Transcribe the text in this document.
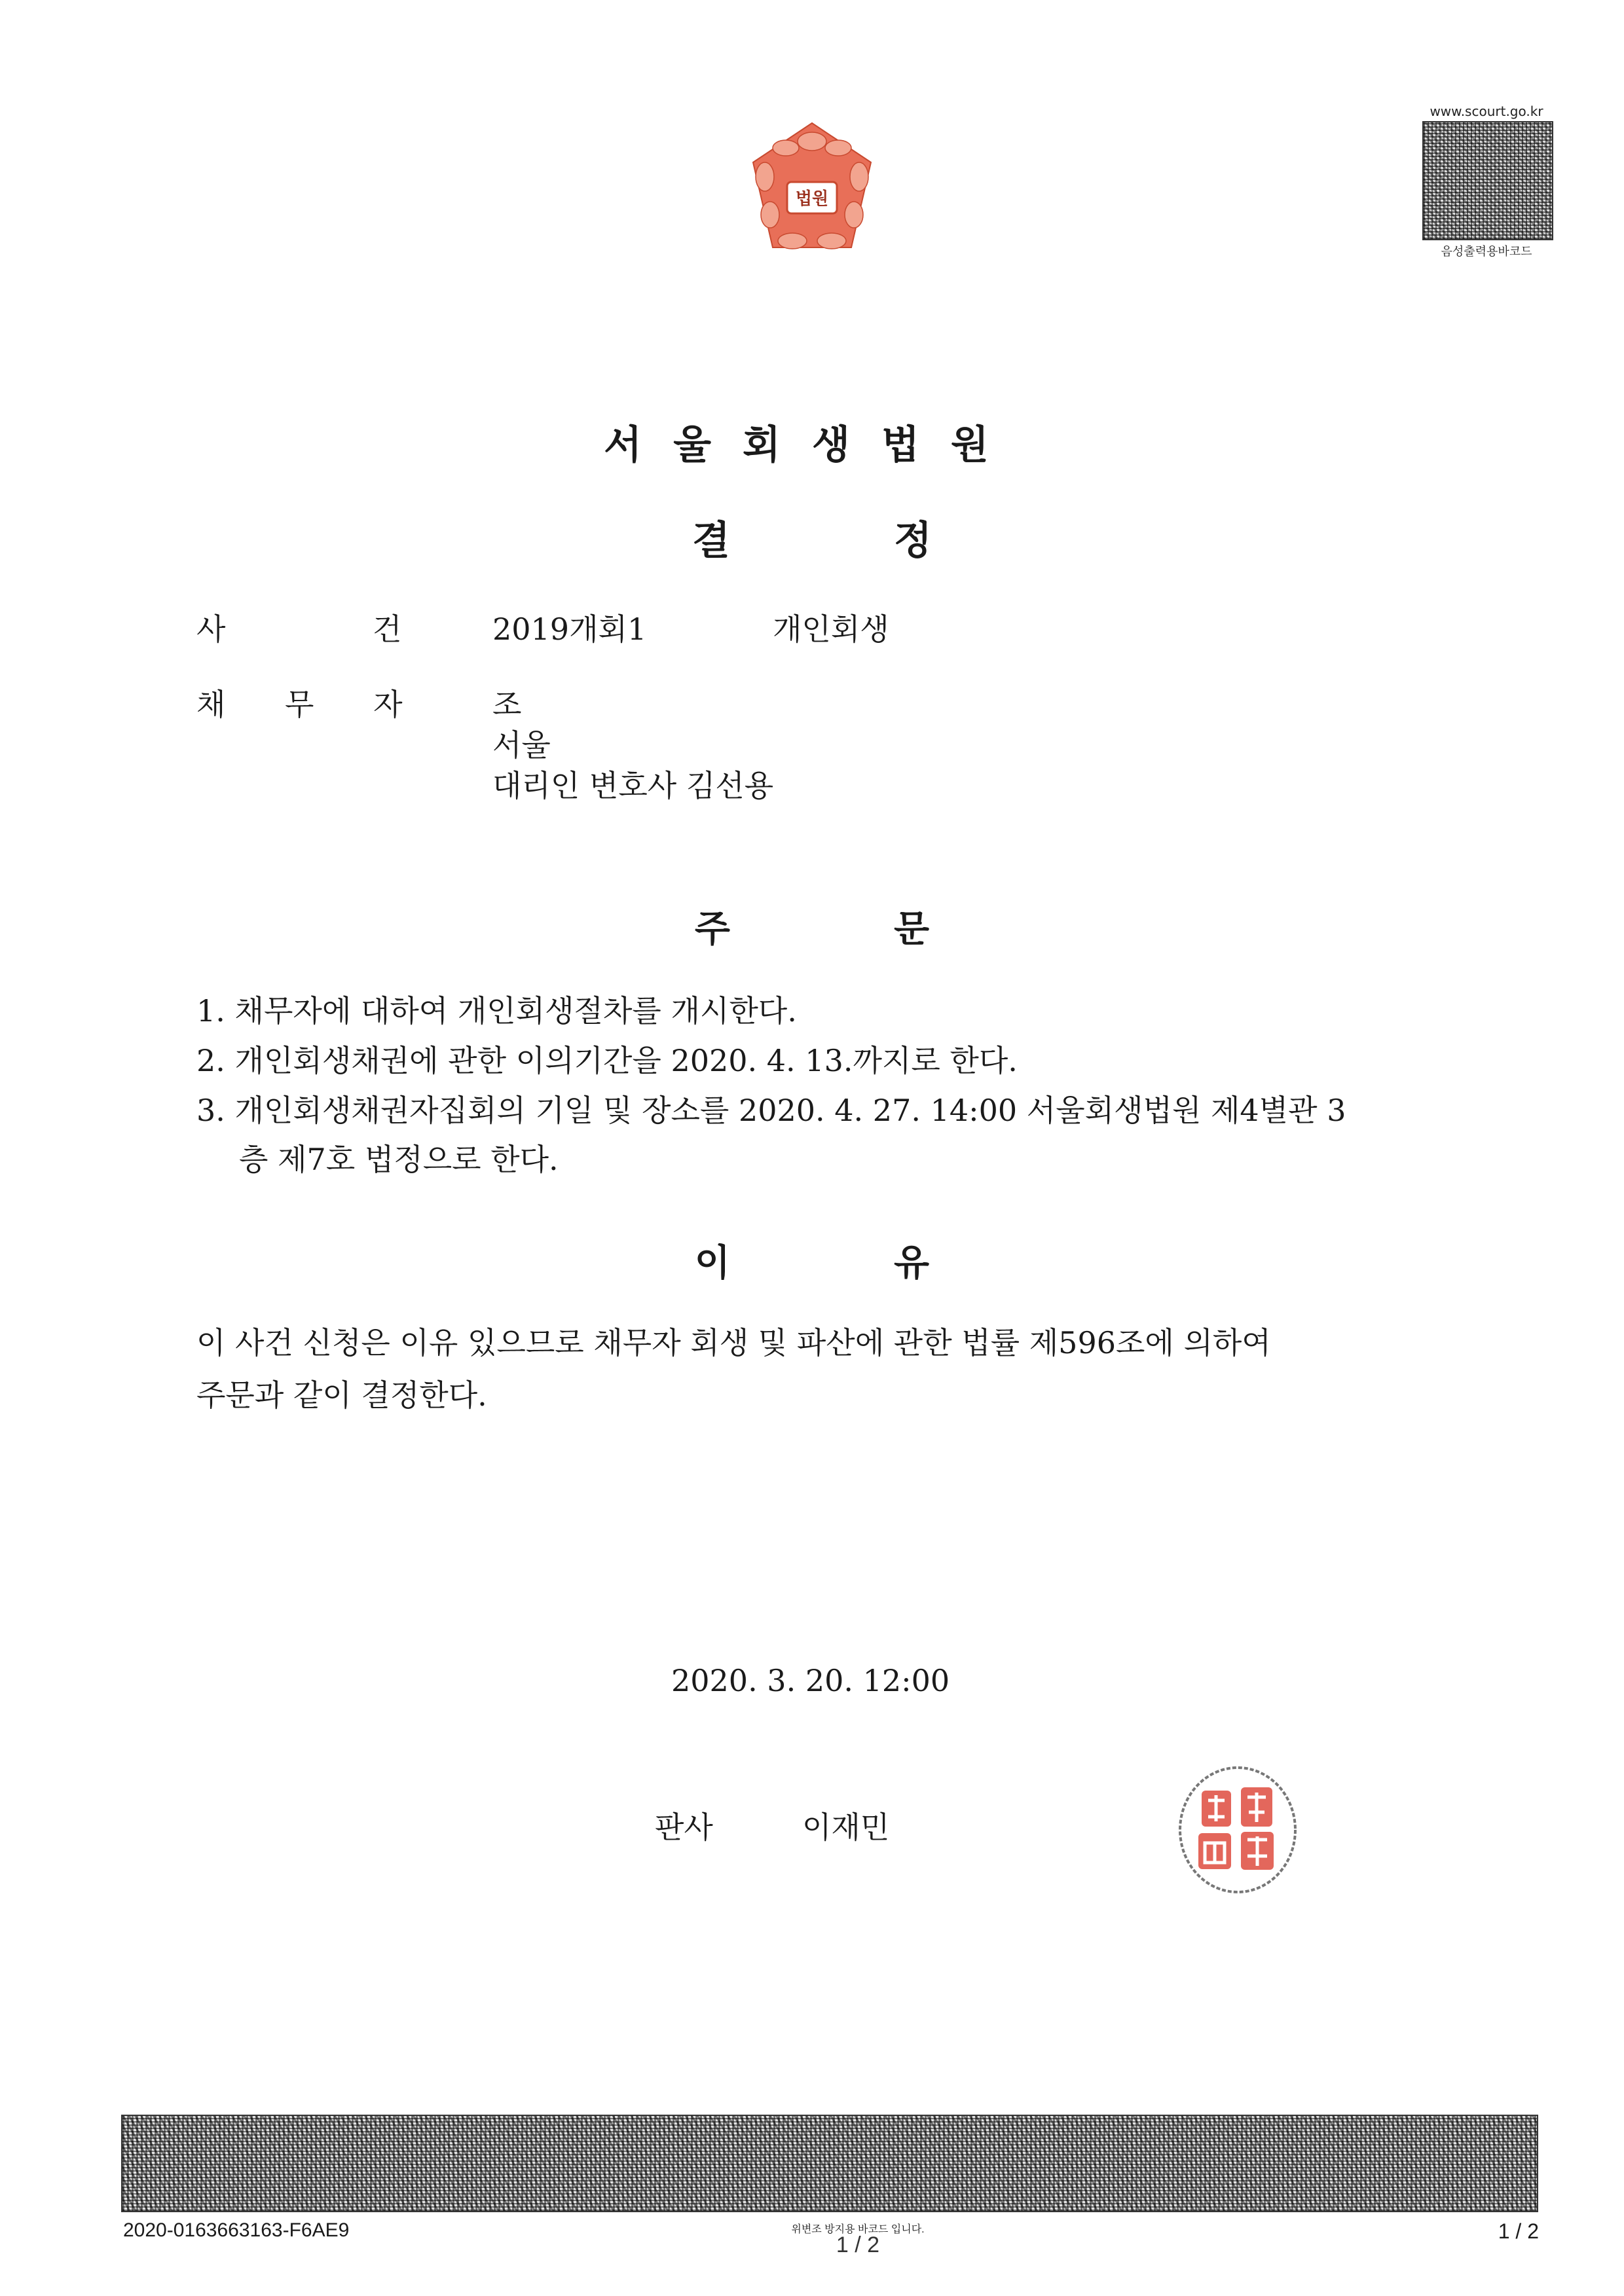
법원
www.scourt.go.kr
음성출력용바코드
서울회생법원
결정
사 건 2019개회1	개인회생
채 무 자 조
서울
대리인 변호사 김선용
주문
1. 채무자에 대하여 개인회생절차를 개시한다.
2. 개인회생채권에 관한 이의기간을 2020. 4. 13.까지로 한다.
3. 개인회생채권자집회의 기일 및 장소를 2020. 4. 27. 14:00 서울회생법원 제4별관 3
층 제7호 법정으로 한다.
이유
이 사건 신청은 이유 있으므로 채무자 회생 및 파산에 관한 법률 제596조에 의하여
주문과 같이 결정한다.
2020. 3. 20. 12:00
판사	이재민
2020-0163663163-F6AE9	위변조 방지용 바코드 입니다.
1 / 2
1 / 2
